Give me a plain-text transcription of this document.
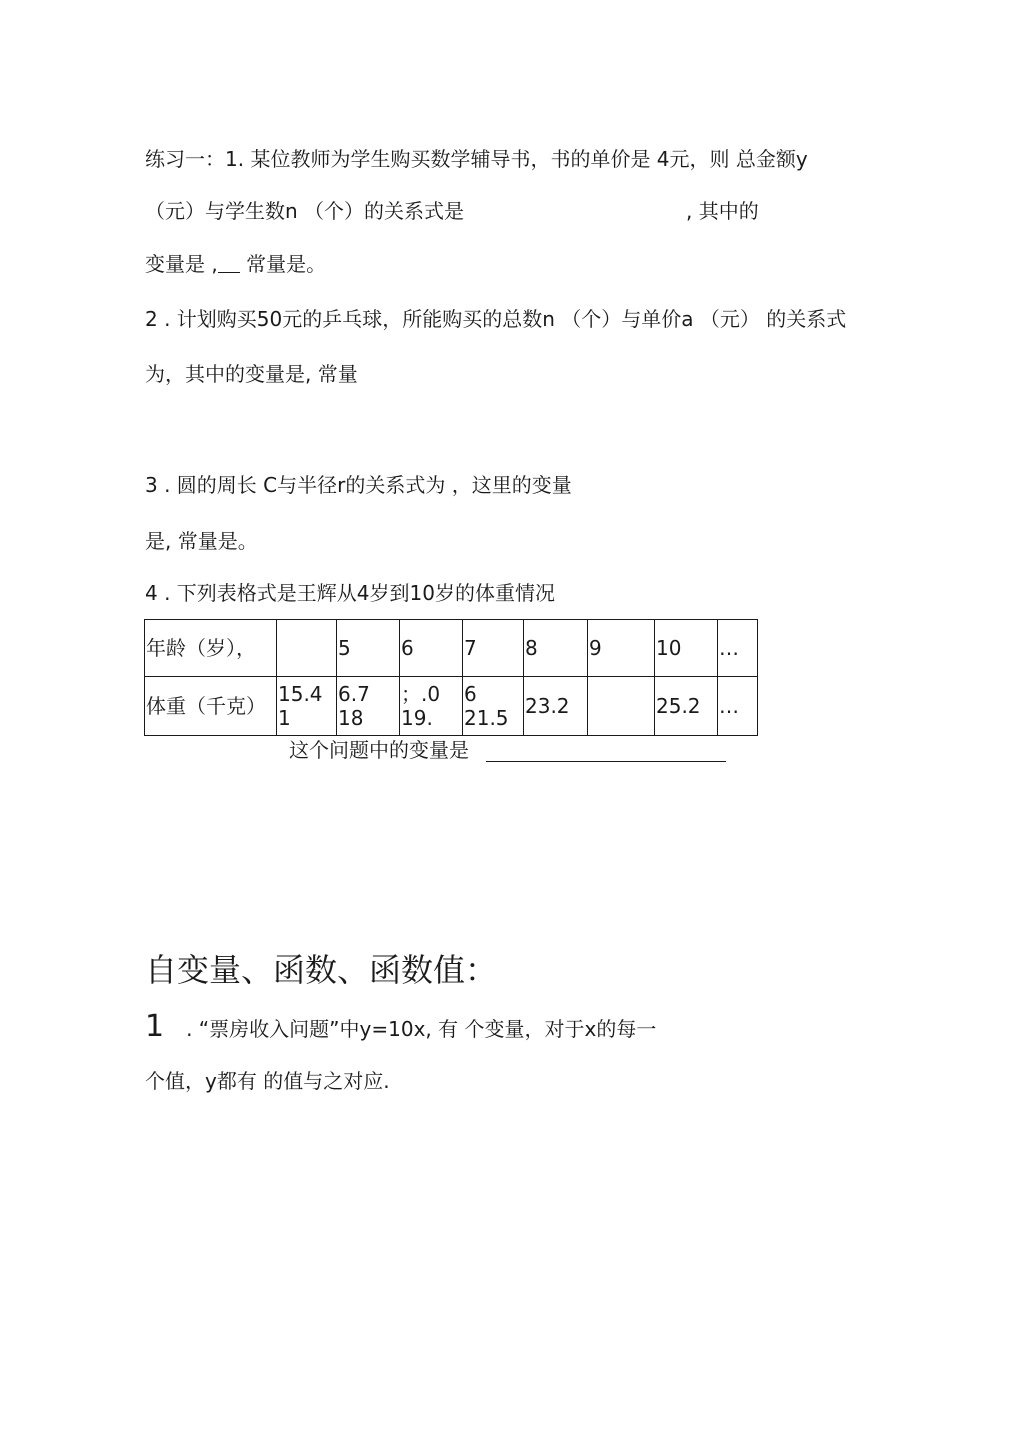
练习一：1. 某位教师为学生购买数学辅导书，书的单价是 4元，则 总金额y
（元）与学生数n （个）的关系式是	, 其中的
变量是 , 常量是。
2 . 计划购买50元的乒乓球，所能购买的总数n （个）与单价a （元） 的关系式
为，其中的变量是, 常量
3 . 圆的周长 C与半径r的关系式为 ，这里的变量
是, 常量是。
4 . 下列表格式是王辉从4岁到10岁的体重情况
年龄（岁），		5	6	7	8	9	10	…
体重（千克）	15.4
1	6.7
18	；.0
19.	6
21.5	23.2		25.2	…
这个问题中的变量是
自变量、函数、函数值：
1 . “票房收入问题”中y=10x, 有 个变量，对于x的每一
个值，y都有 的值与之对应.
